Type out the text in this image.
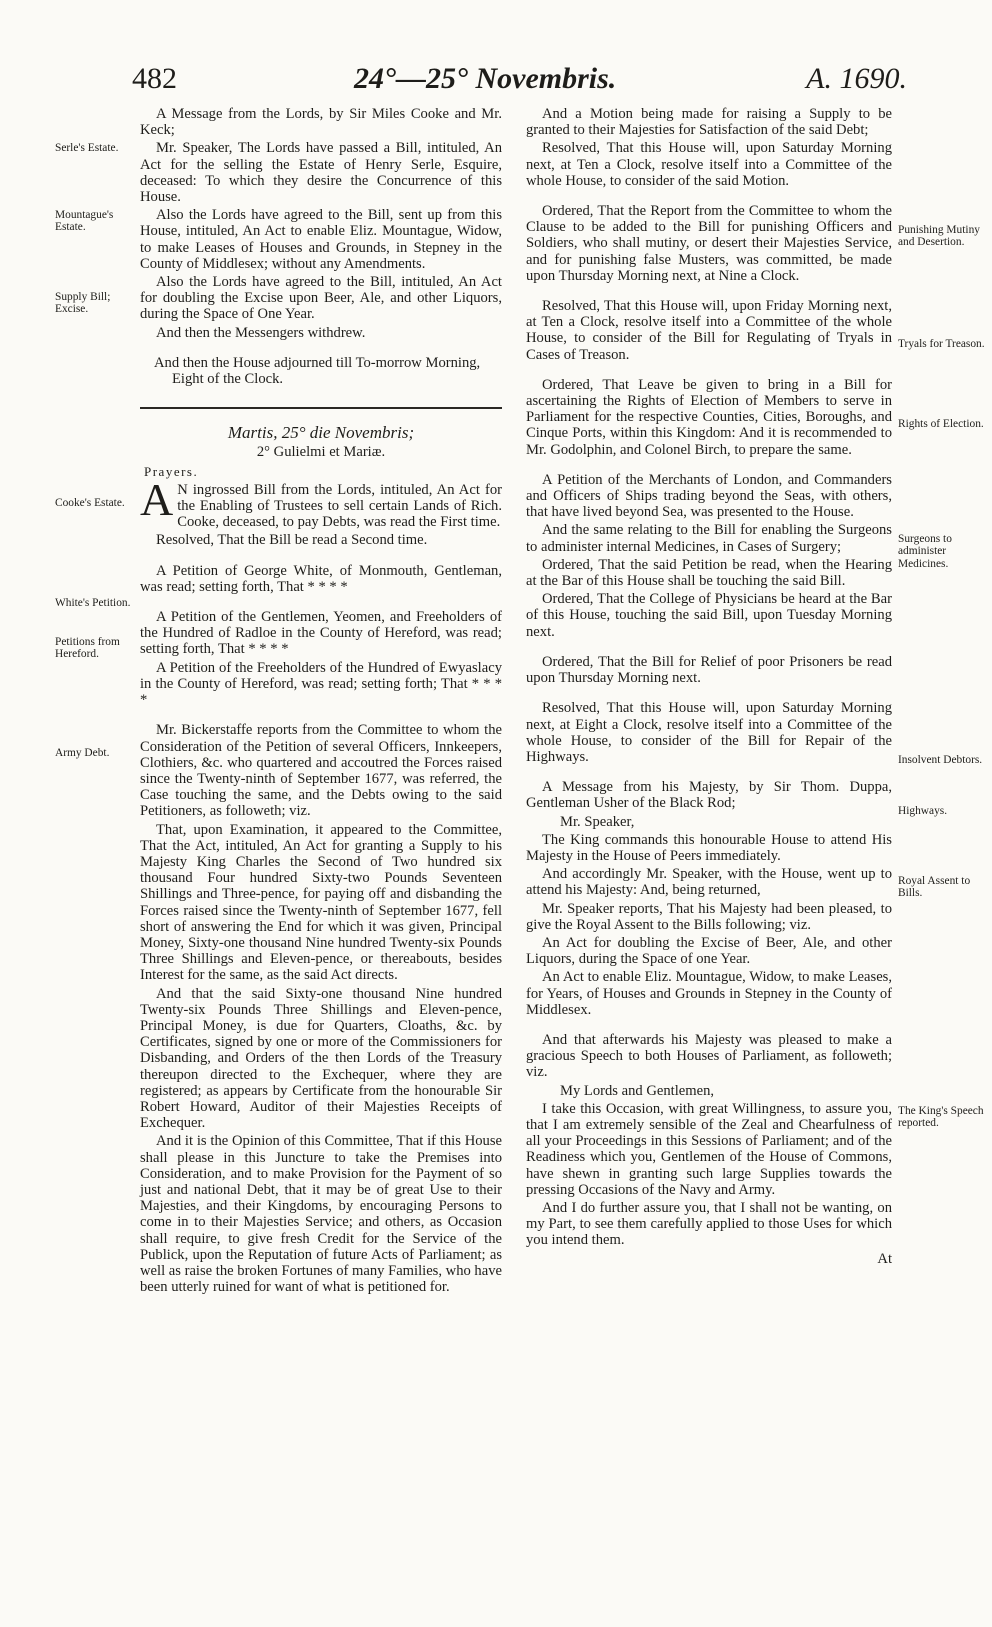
482	24°—25° Novembris.	A. 1690.
Serle's Estate.
Mountague's Estate.
Supply Bill; Excise.
Cooke's Estate.
White's Petition.
Petitions from Hereford.
Army Debt.
Punishing Mutiny and Desertion.
Tryals for Treason.
Rights of Election.
Surgeons to administer Medicines.
Insolvent Debtors.
Highways.
Royal Assent to Bills.
The King's Speech reported.

A Message from the Lords, by Sir Miles Cooke and Mr. Keck;

Mr. Speaker, The Lords have passed a Bill, intituled, An Act for the selling the Estate of Henry Serle, Esquire, deceased: To which they desire the Concurrence of this House.

Also the Lords have agreed to the Bill, sent up from this House, intituled, An Act to enable Eliz. Mountague, Widow, to make Leases of Houses and Grounds, in Stepney in the County of Middlesex; without any Amendments.

Also the Lords have agreed to the Bill, intituled, An Act for doubling the Excise upon Beer, Ale, and other Liquors, during the Space of One Year.

And then the Messengers withdrew.

And then the House adjourned till To-morrow Morning, Eight of the Clock.

Martis, 25° die Novembris;
2° Gulielmi et Mariæ.

Prayers.

A N ingrossed Bill from the Lords, intituled, An Act for the Enabling of Trustees to sell certain Lands of Rich. Cooke, deceased, to pay Debts, was read the First time.

Resolved, That the Bill be read a Second time.

A Petition of George White, of Monmouth, Gentleman, was read; setting forth, That * * * *

A Petition of the Gentlemen, Yeomen, and Freeholders of the Hundred of Radloe in the County of Hereford, was read; setting forth, That * * * *

A Petition of the Freeholders of the Hundred of Ewyaslacy in the County of Hereford, was read; setting forth; That * * * *

Mr. Bickerstaffe reports from the Committee to whom the Consideration of the Petition of several Officers, Innkeepers, Clothiers, &c. who quartered and accoutred the Forces raised since the Twenty-ninth of September 1677, was referred, the Case touching the same, and the Debts owing to the said Petitioners, as followeth; viz.

That, upon Examination, it appeared to the Committee, That the Act, intituled, An Act for granting a Supply to his Majesty King Charles the Second of Two hundred six thousand Four hundred Sixty-two Pounds Seventeen Shillings and Three-pence, for paying off and disbanding the Forces raised since the Twenty-ninth of September 1677, fell short of answering the End for which it was given, Principal Money, Sixty-one thousand Nine hundred Twenty-six Pounds Three Shillings and Eleven-pence, or thereabouts, besides Interest for the same, as the said Act directs.

And that the said Sixty-one thousand Nine hundred Twenty-six Pounds Three Shillings and Eleven-pence, Principal Money, is due for Quarters, Cloaths, &c. by Certificates, signed by one or more of the Commissioners for Disbanding, and Orders of the then Lords of the Treasury thereupon directed to the Exchequer, where they are registered; as appears by Certificate from the honourable Sir Robert Howard, Auditor of their Majesties Receipts of Exchequer.

And it is the Opinion of this Committee, That if this House shall please in this Juncture to take the Premises into Consideration, and to make Provision for the Payment of so just and national Debt, that it may be of great Use to their Majesties, and their Kingdoms, by encouraging Persons to come in to their Majesties Service; and others, as Occasion shall require, to give fresh Credit for the Service of the Publick, upon the Reputation of future Acts of Parliament; as well as raise the broken Fortunes of many Families, who have been utterly ruined for want of what is petitioned for.

And a Motion being made for raising a Supply to be granted to their Majesties for Satisfaction of the said Debt;

Resolved, That this House will, upon Saturday Morning next, at Ten a Clock, resolve itself into a Committee of the whole House, to consider of the said Motion.

Ordered, That the Report from the Committee to whom the Clause to be added to the Bill for punishing Officers and Soldiers, who shall mutiny, or desert their Majesties Service, and for punishing false Musters, was committed, be made upon Thursday Morning next, at Nine a Clock.

Resolved, That this House will, upon Friday Morning next, at Ten a Clock, resolve itself into a Committee of the whole House, to consider of the Bill for Regulating of Tryals in Cases of Treason.

Ordered, That Leave be given to bring in a Bill for ascertaining the Rights of Election of Members to serve in Parliament for the respective Counties, Cities, Boroughs, and Cinque Ports, within this Kingdom: And it is recommended to Mr. Godolphin, and Colonel Birch, to prepare the same.

A Petition of the Merchants of London, and Commanders and Officers of Ships trading beyond the Seas, with others, that have lived beyond Sea, was presented to the House.

And the same relating to the Bill for enabling the Surgeons to administer internal Medicines, in Cases of Surgery;

Ordered, That the said Petition be read, when the Hearing at the Bar of this House shall be touching the said Bill.

Ordered, That the College of Physicians be heard at the Bar of this House, touching the said Bill, upon Tuesday Morning next.

Ordered, That the Bill for Relief of poor Prisoners be read upon Thursday Morning next.

Resolved, That this House will, upon Saturday Morning next, at Eight a Clock, resolve itself into a Committee of the whole House, to consider of the Bill for Repair of the Highways.

A Message from his Majesty, by Sir Thom. Duppa, Gentleman Usher of the Black Rod;

Mr. Speaker,

The King commands this honourable House to attend His Majesty in the House of Peers immediately.

And accordingly Mr. Speaker, with the House, went up to attend his Majesty: And, being returned,

Mr. Speaker reports, That his Majesty had been pleased, to give the Royal Assent to the Bills following; viz.

An Act for doubling the Excise of Beer, Ale, and other Liquors, during the Space of one Year.

An Act to enable Eliz. Mountague, Widow, to make Leases, for Years, of Houses and Grounds in Stepney in the County of Middlesex.

And that afterwards his Majesty was pleased to make a gracious Speech to both Houses of Parliament, as followeth; viz.

My Lords and Gentlemen,

I take this Occasion, with great Willingness, to assure you, that I am extremely sensible of the Zeal and Chearfulness of all your Proceedings in this Sessions of Parliament; and of the Readiness which you, Gentlemen of the House of Commons, have shewn in granting such large Supplies towards the pressing Occasions of the Navy and Army.

And I do further assure you, that I shall not be wanting, on my Part, to see them carefully applied to those Uses for which you intend them.

At
